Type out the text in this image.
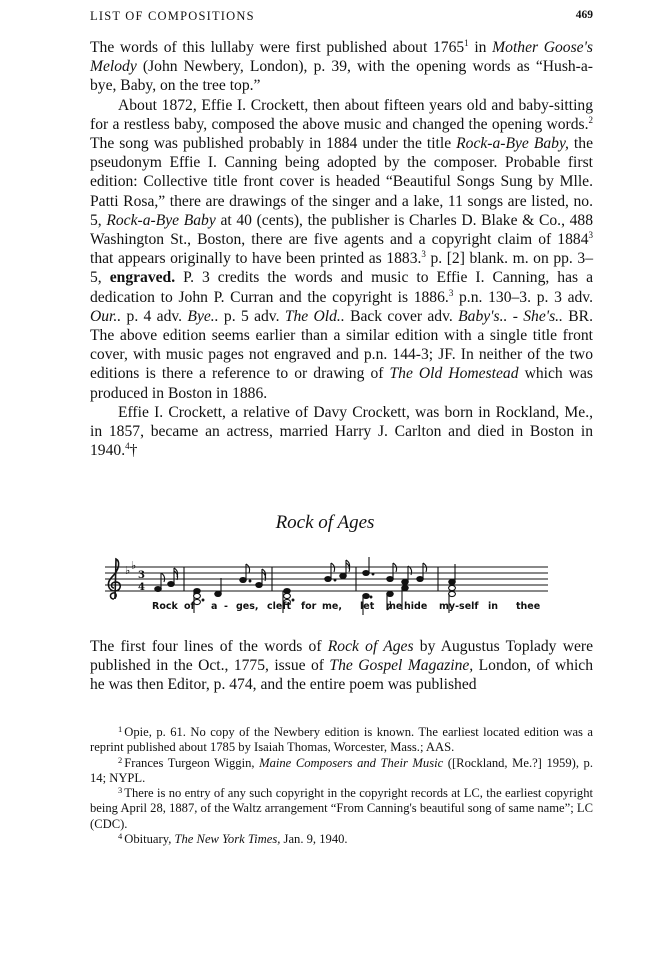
LIST OF COMPOSITIONS	469

The words of this lullaby were first published about 1765$^1$ in Mother Goose's Melody (John Newbery, London), p. 39, with the opening words as “Hush-a-bye, Baby, on the tree top.”

About 1872, Effie I. Crockett, then about fifteen years old and baby-sitting for a restless baby, composed the above music and changed the opening words.$^2$ The song was published probably in 1884 under the title Rock-a-Bye Baby, the pseudonym Effie I. Canning being adopted by the composer. Probable first edition: Collective title front cover is headed “Beautiful Songs Sung by Mlle. Patti Rosa,” there are drawings of the singer and a lake, 11 songs are listed, no. 5, Rock-a-Bye Baby at 40 (cents), the publisher is Charles D. Blake & Co., 488 Washington St., Boston, there are five agents and a copyright claim of 1884$^3$ that appears originally to have been printed as 1883.$^3$ p. [2] blank. m. on pp. 3–5, engraved. P. 3 credits the words and music to Effie I. Canning, has a dedication to John P. Curran and the copyright is 1886.$^3$ p.n. 130–3. p. 3 adv. Our.. p. 4 adv. Bye.. p. 5 adv. The Old.. Back cover adv. Baby's.. - She's.. BR. The above edition seems earlier than a similar edition with a single title front cover, with music pages not engraved and p.n. 144-3; JF. In neither of the two editions is there a reference to or drawing of The Old Homestead which was produced in Boston in 1886.

Effie I. Crockett, a relative of Davy Crockett, was born in Rockland, Me., in 1857, became an actress, married Harry J. Carlton and died in Boston in 1940.$^4$†

Rock of Ages
♭ ♭
3
4

Rock

of

a

-

ges,

cleft

for

me,

let

me

hide

my-self

in

thee

The first four lines of the words of Rock of Ages by Augustus Toplady were published in the Oct., 1775, issue of The Gospel Magazine, London, of which he was then Editor, p. 474, and the entire poem was published

$^1$ Opie, p. 61. No copy of the Newbery edition is known. The earliest located edition was a reprint published about 1785 by Isaiah Thomas, Worcester, Mass.; AAS.

$^2$ Frances Turgeon Wiggin, Maine Composers and Their Music ([Rockland, Me.?] 1959), p. 14; NYPL.

$^3$ There is no entry of any such copyright in the copyright records at LC, the earliest copyright being April 28, 1887, of the Waltz arrangement “From Canning's beautiful song of same name”; LC (CDC).

$^4$ Obituary, The New York Times, Jan. 9, 1940.
